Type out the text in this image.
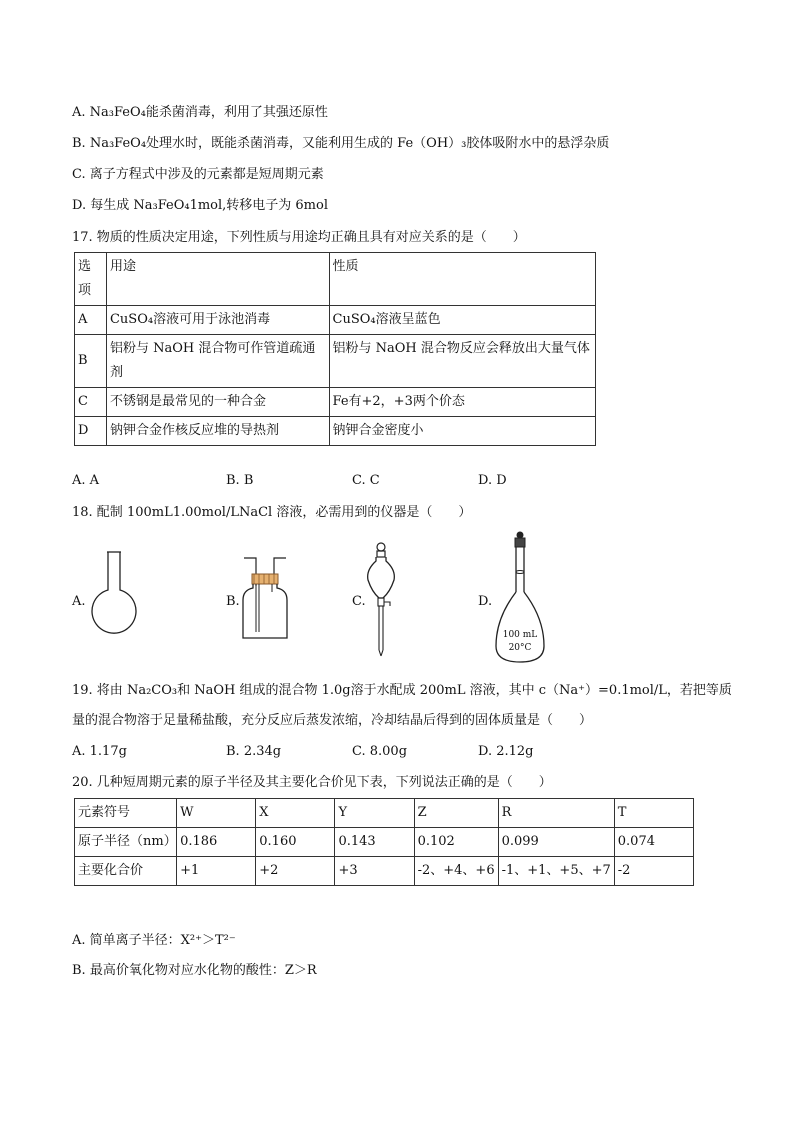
A. Na₃FeO₄能杀菌消毒，利用了其强还原性
B. Na₃FeO₄处理水时，既能杀菌消毒，又能利用生成的 Fe（OH）₃胶体吸附水中的悬浮杂质
C. 离子方程式中涉及的元素都是短周期元素
D. 每生成 Na₃FeO₄1mol,转移电子为 6mol
17. 物质的性质决定用途，下列性质与用途均正确且具有对应关系的是（　　）
选项	用途	性质
A	CuSO₄溶液可用于泳池消毒	CuSO₄溶液呈蓝色
B	铝粉与 NaOH 混合物可作管道疏通剂	铝粉与 NaOH 混合物反应会释放出大量气体
C	不锈钢是最常见的一种合金	Fe有+2，+3两个价态
D	钠钾合金作核反应堆的导热剂	钠钾合金密度小
A. A	B. B	C. C	D. D
18. 配制 100mL1.00mol/LNaCl 溶液，必需用到的仪器是（　　）
A.	B.	C.	D.
100 mL
20°C
19. 将由 Na₂CO₃和 NaOH 组成的混合物 1.0g溶于水配成 200mL 溶液，其中 c（Na⁺）=0.1mol/L，若把等质
量的混合物溶于足量稀盐酸，充分反应后蒸发浓缩，冷却结晶后得到的固体质量是（　　）
A. 1.17g	B. 2.34g	C. 8.00g	D. 2.12g
20. 几种短周期元素的原子半径及其主要化合价见下表，下列说法正确的是（　　）
元素符号	W	X	Y	Z	R	T
原子半径（nm）	0.186	0.160	0.143	0.102	0.099	0.074
主要化合价	+1	+2	+3	-2、+4、+6	-1、+1、+5、+7	-2
A. 简单离子半径：X²⁺＞T²⁻
B. 最高价氧化物对应水化物的酸性：Z＞R
